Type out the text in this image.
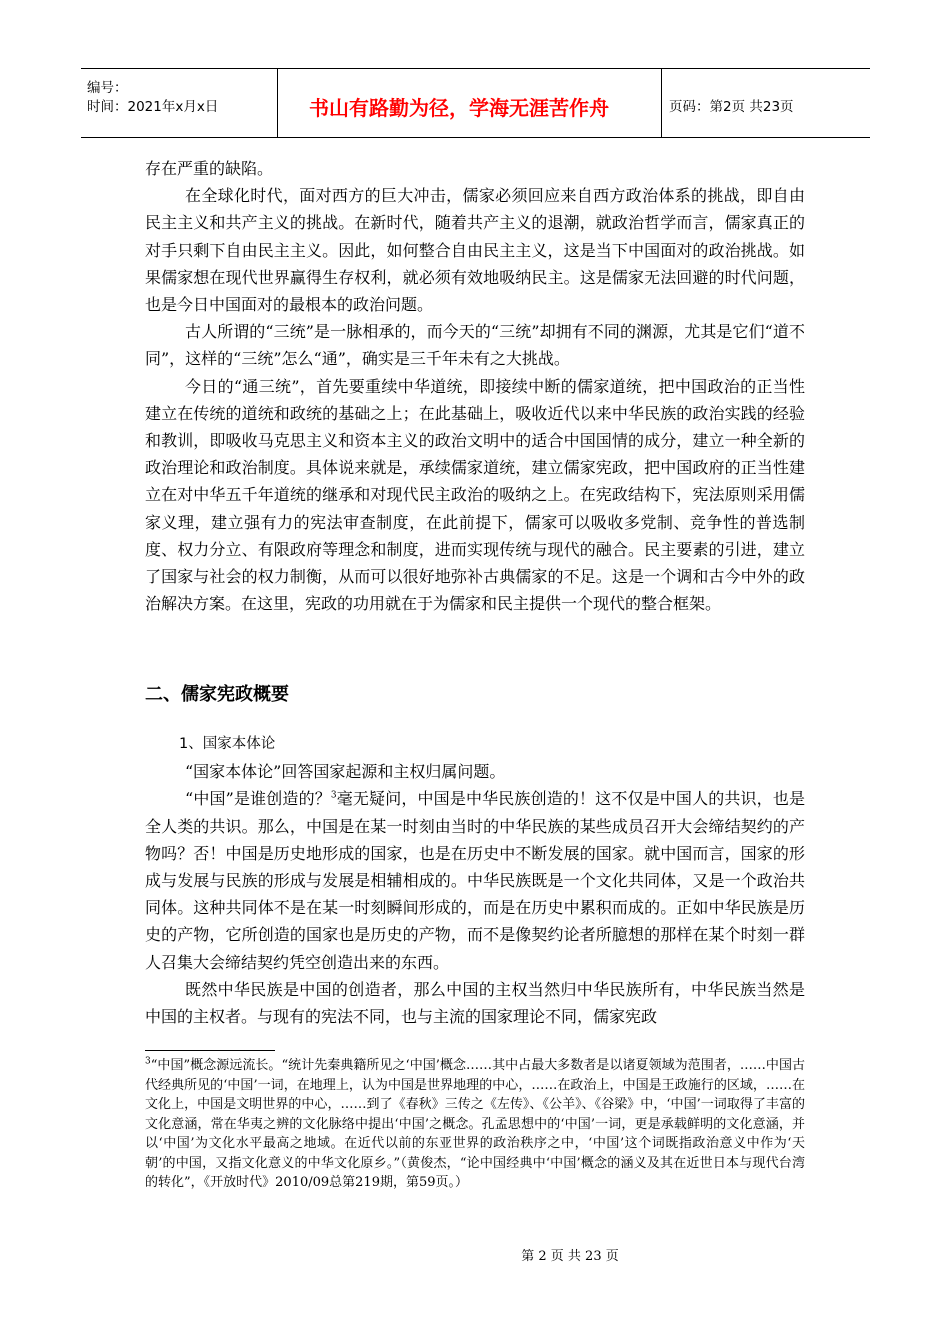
编号：
时间：2021年x月x日	书山有路勤为径，学海无涯苦作舟	页码：第2页 共23页

存在严重的缺陷。

在全球化时代，面对西方的巨大冲击，儒家必须回应来自西方政治体系的挑战，即自由民主主义和共产主义的挑战。在新时代，随着共产主义的退潮，就政治哲学而言，儒家真正的对手只剩下自由民主主义。因此，如何整合自由民主主义，这是当下中国面对的政治挑战。如果儒家想在现代世界赢得生存权利，就必须有效地吸纳民主。这是儒家无法回避的时代问题，也是今日中国面对的最根本的政治问题。

古人所谓的“三统”是一脉相承的，而今天的“三统”却拥有不同的渊源，尤其是它们“道不同”，这样的“三统”怎么“通”，确实是三千年未有之大挑战。

今日的“通三统”，首先要重续中华道统，即接续中断的儒家道统，把中国政治的正当性建立在传统的道统和政统的基础之上；在此基础上，吸收近代以来中华民族的政治实践的经验和教训，即吸收马克思主义和资本主义的政治文明中的适合中国国情的成分，建立一种全新的政治理论和政治制度。具体说来就是，承续儒家道统，建立儒家宪政，把中国政府的正当性建立在对中华五千年道统的继承和对现代民主政治的吸纳之上。在宪政结构下，宪法原则采用儒家义理，建立强有力的宪法审查制度，在此前提下，儒家可以吸收多党制、竞争性的普选制度、权力分立、有限政府等理念和制度，进而实现传统与现代的融合。民主要素的引进，建立了国家与社会的权力制衡，从而可以很好地弥补古典儒家的不足。这是一个调和古今中外的政治解决方案。在这里，宪政的功用就在于为儒家和民主提供一个现代的整合框架。

二、儒家宪政概要

1、国家本体论

“国家本体论”回答国家起源和主权归属问题。

“中国”是谁创造的？$^3$毫无疑问，中国是中华民族创造的！这不仅是中国人的共识，也是全人类的共识。那么，中国是在某一时刻由当时的中华民族的某些成员召开大会缔结契约的产物吗？否！中国是历史地形成的国家，也是在历史中不断发展的国家。就中国而言，国家的形成与发展与民族的形成与发展是相辅相成的。中华民族既是一个文化共同体，又是一个政治共同体。这种共同体不是在某一时刻瞬间形成的，而是在历史中累积而成的。正如中华民族是历史的产物，它所创造的国家也是历史的产物，而不是像契约论者所臆想的那样在某个时刻一群人召集大会缔结契约凭空创造出来的东西。

既然中华民族是中国的创造者，那么中国的主权当然归中华民族所有，中华民族当然是中国的主权者。与现有的宪法不同，也与主流的国家理论不同，儒家宪政

$^3$“中国”概念源远流长。“统计先秦典籍所见之‘中国’概念……其中占最大多数者是以诸夏领域为范围者，……中国古代经典所见的‘中国’一词，在地理上，认为中国是世界地理的中心，……在政治上，中国是王政施行的区域，……在文化上，中国是文明世界的中心，……到了《春秋》三传之《左传》、《公羊》、《谷梁》中，‘中国’一词取得了丰富的文化意涵，常在华夷之辨的文化脉络中提出‘中国’之概念。孔孟思想中的‘中国’一词，更是承载鲜明的文化意涵，并以‘中国’为文化水平最高之地域。在近代以前的东亚世界的政治秩序之中，‘中国’这个词既指政治意义中作为‘天朝’的中国，又指文化意义的中华文化原乡。”（黄俊杰，“论中国经典中‘中国’概念的涵义及其在近世日本与现代台湾的转化”，《开放时代》2010/09总第219期，第59页。）
第 2 页 共 23 页
